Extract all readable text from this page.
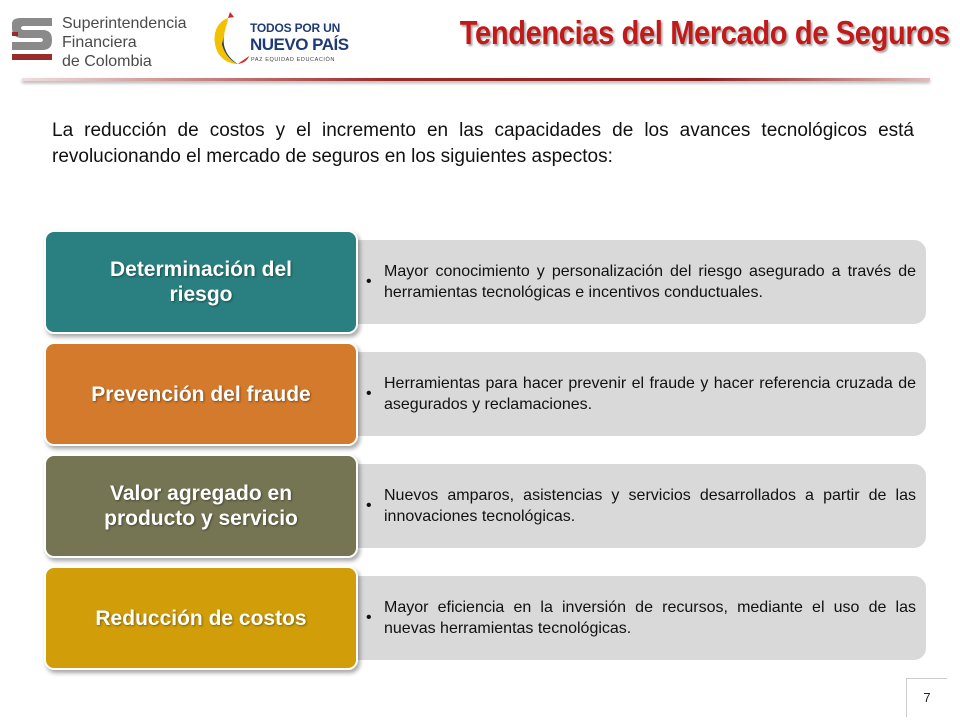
Superintendencia
Financiera
de Colombia
TODOS POR UN
NUEVO PAÍS
PAZ EQUIDAD EDUCACIÓN
Tendencias del Mercado de Seguros
La reducción de costos y el incremento en las capacidades de los avances tecnológicos está revolucionando el mercado de seguros en los siguientes aspectos:
•
Mayor conocimiento y personalización del riesgo asegurado a través de herramientas tecnológicas e incentivos conductuales.
Determinación del riesgo
•
Herramientas para hacer prevenir el fraude y hacer referencia cruzada de asegurados y reclamaciones.
Prevención del fraude
•
Nuevos amparos, asistencias y servicios desarrollados a partir de las innovaciones tecnológicas.
Valor agregado en producto y servicio
•
Mayor eficiencia en la inversión de recursos, mediante el uso de las nuevas herramientas tecnológicas.
Reducción de costos
7
